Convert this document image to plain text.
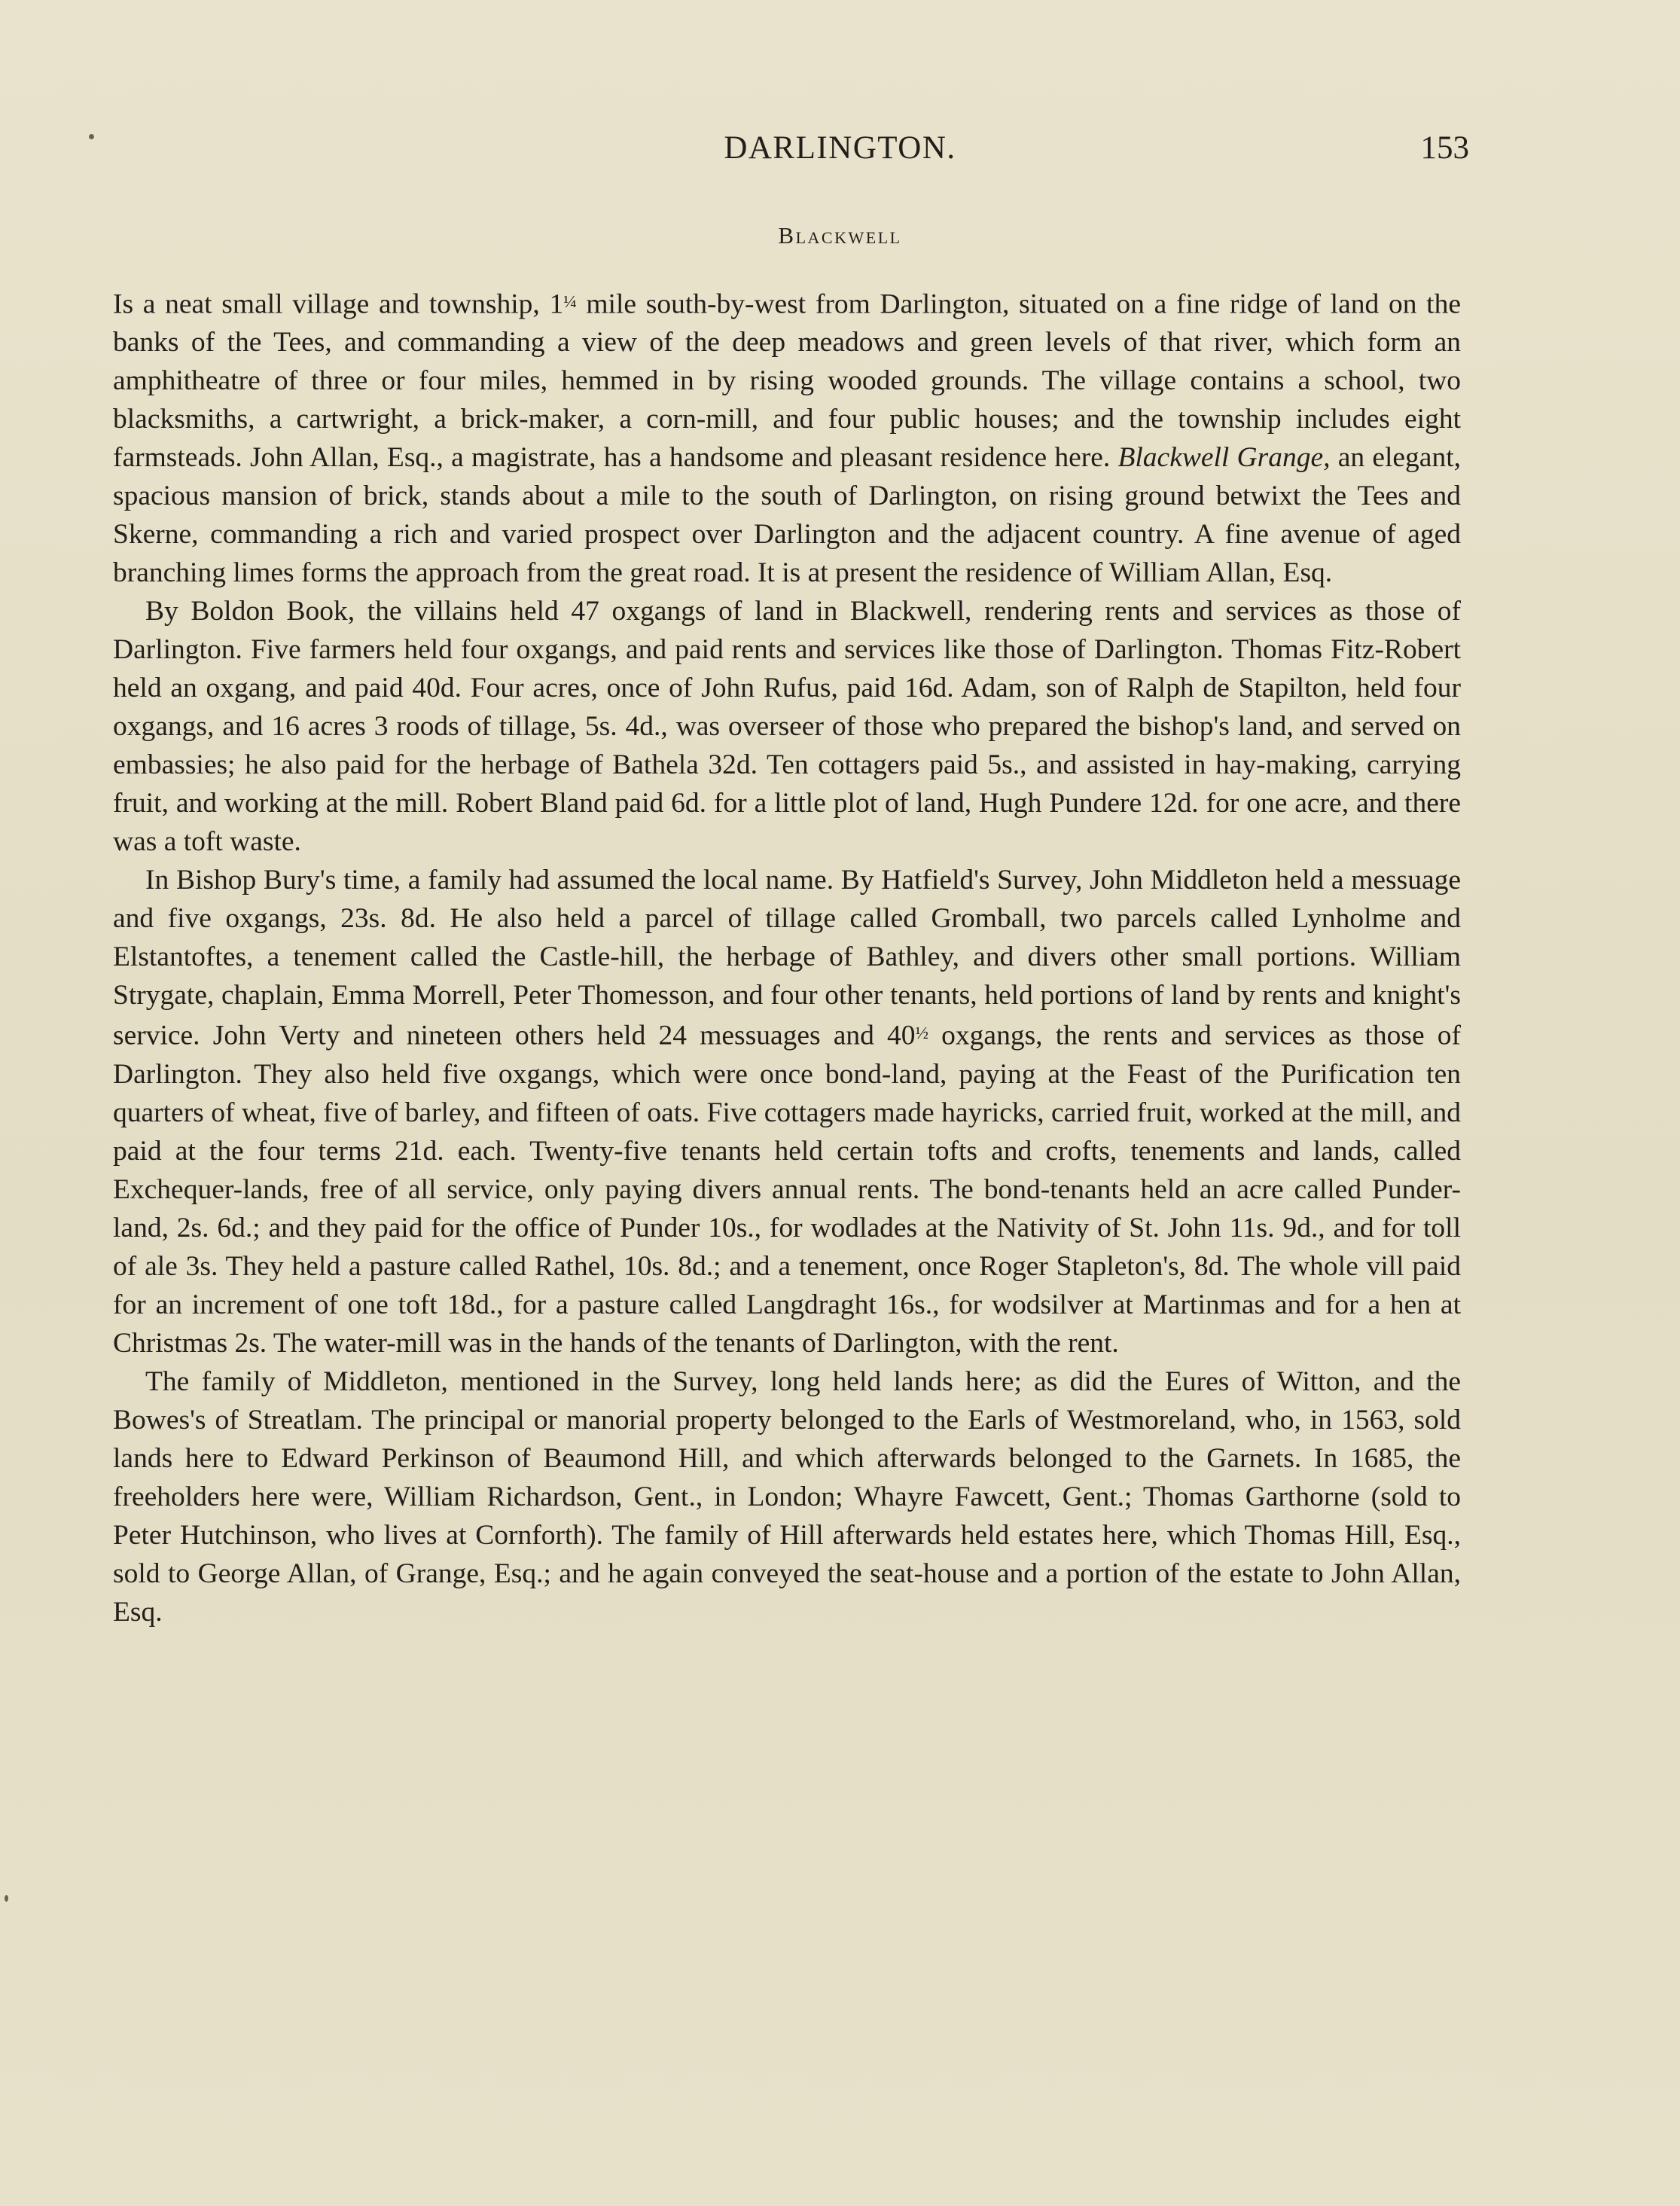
DARLINGTON.	153
Blackwell

Is a neat small village and township, 1¼ mile south-by-west from Darlington, situated on a fine ridge of land on the banks of the Tees, and commanding a view of the deep meadows and green levels of that river, which form an amphitheatre of three or four miles, hemmed in by rising wooded grounds. The village contains a school, two blacksmiths, a cartwright, a brick-maker, a corn-mill, and four public houses; and the township includes eight farmsteads. John Allan, Esq., a magistrate, has a handsome and pleasant residence here. Blackwell Grange, an elegant, spacious mansion of brick, stands about a mile to the south of Darlington, on rising ground betwixt the Tees and Skerne, commanding a rich and varied prospect over Darlington and the adjacent country. A fine avenue of aged branching limes forms the approach from the great road. It is at present the residence of William Allan, Esq.

By Boldon Book, the villains held 47 oxgangs of land in Blackwell, rendering rents and services as those of Darlington. Five farmers held four oxgangs, and paid rents and services like those of Darlington. Thomas Fitz-Robert held an oxgang, and paid 40d. Four acres, once of John Rufus, paid 16d. Adam, son of Ralph de Stapilton, held four oxgangs, and 16 acres 3 roods of tillage, 5s. 4d., was overseer of those who prepared the bishop's land, and served on embassies; he also paid for the herbage of Bathela 32d. Ten cottagers paid 5s., and assisted in hay-making, carrying fruit, and working at the mill. Robert Bland paid 6d. for a little plot of land, Hugh Pundere 12d. for one acre, and there was a toft waste.

In Bishop Bury's time, a family had assumed the local name. By Hatfield's Survey, John Middleton held a messuage and five oxgangs, 23s. 8d. He also held a parcel of tillage called Gromball, two parcels called Lynholme and Elstantoftes, a tenement called the Castle-hill, the herbage of Bathley, and divers other small portions. William Strygate, chaplain, Emma Morrell, Peter Thomesson, and four other tenants, held portions of land by rents and knight's service. John Verty and nineteen others held 24 messuages and 40½ oxgangs, the rents and services as those of Darlington. They also held five oxgangs, which were once bond-land, paying at the Feast of the Purification ten quarters of wheat, five of barley, and fifteen of oats. Five cottagers made hayricks, carried fruit, worked at the mill, and paid at the four terms 21d. each. Twenty-five tenants held certain tofts and crofts, tenements and lands, called Exchequer-lands, free of all service, only paying divers annual rents. The bond-tenants held an acre called Punder-land, 2s. 6d.; and they paid for the office of Punder 10s., for wodlades at the Nativity of St. John 11s. 9d., and for toll of ale 3s. They held a pasture called Rathel, 10s. 8d.; and a tenement, once Roger Stapleton's, 8d. The whole vill paid for an increment of one toft 18d., for a pasture called Langdraght 16s., for wodsilver at Martinmas and for a hen at Christmas 2s. The water-mill was in the hands of the tenants of Darlington, with the rent.

The family of Middleton, mentioned in the Survey, long held lands here; as did the Eures of Witton, and the Bowes's of Streatlam. The principal or manorial property belonged to the Earls of Westmoreland, who, in 1563, sold lands here to Edward Perkinson of Beaumond Hill, and which afterwards belonged to the Garnets. In 1685, the freeholders here were, William Richardson, Gent., in London; Whayre Fawcett, Gent.; Thomas Garthorne (sold to Peter Hutchinson, who lives at Cornforth). The family of Hill afterwards held estates here, which Thomas Hill, Esq., sold to George Allan, of Grange, Esq.; and he again conveyed the seat-house and a portion of the estate to John Allan, Esq.
